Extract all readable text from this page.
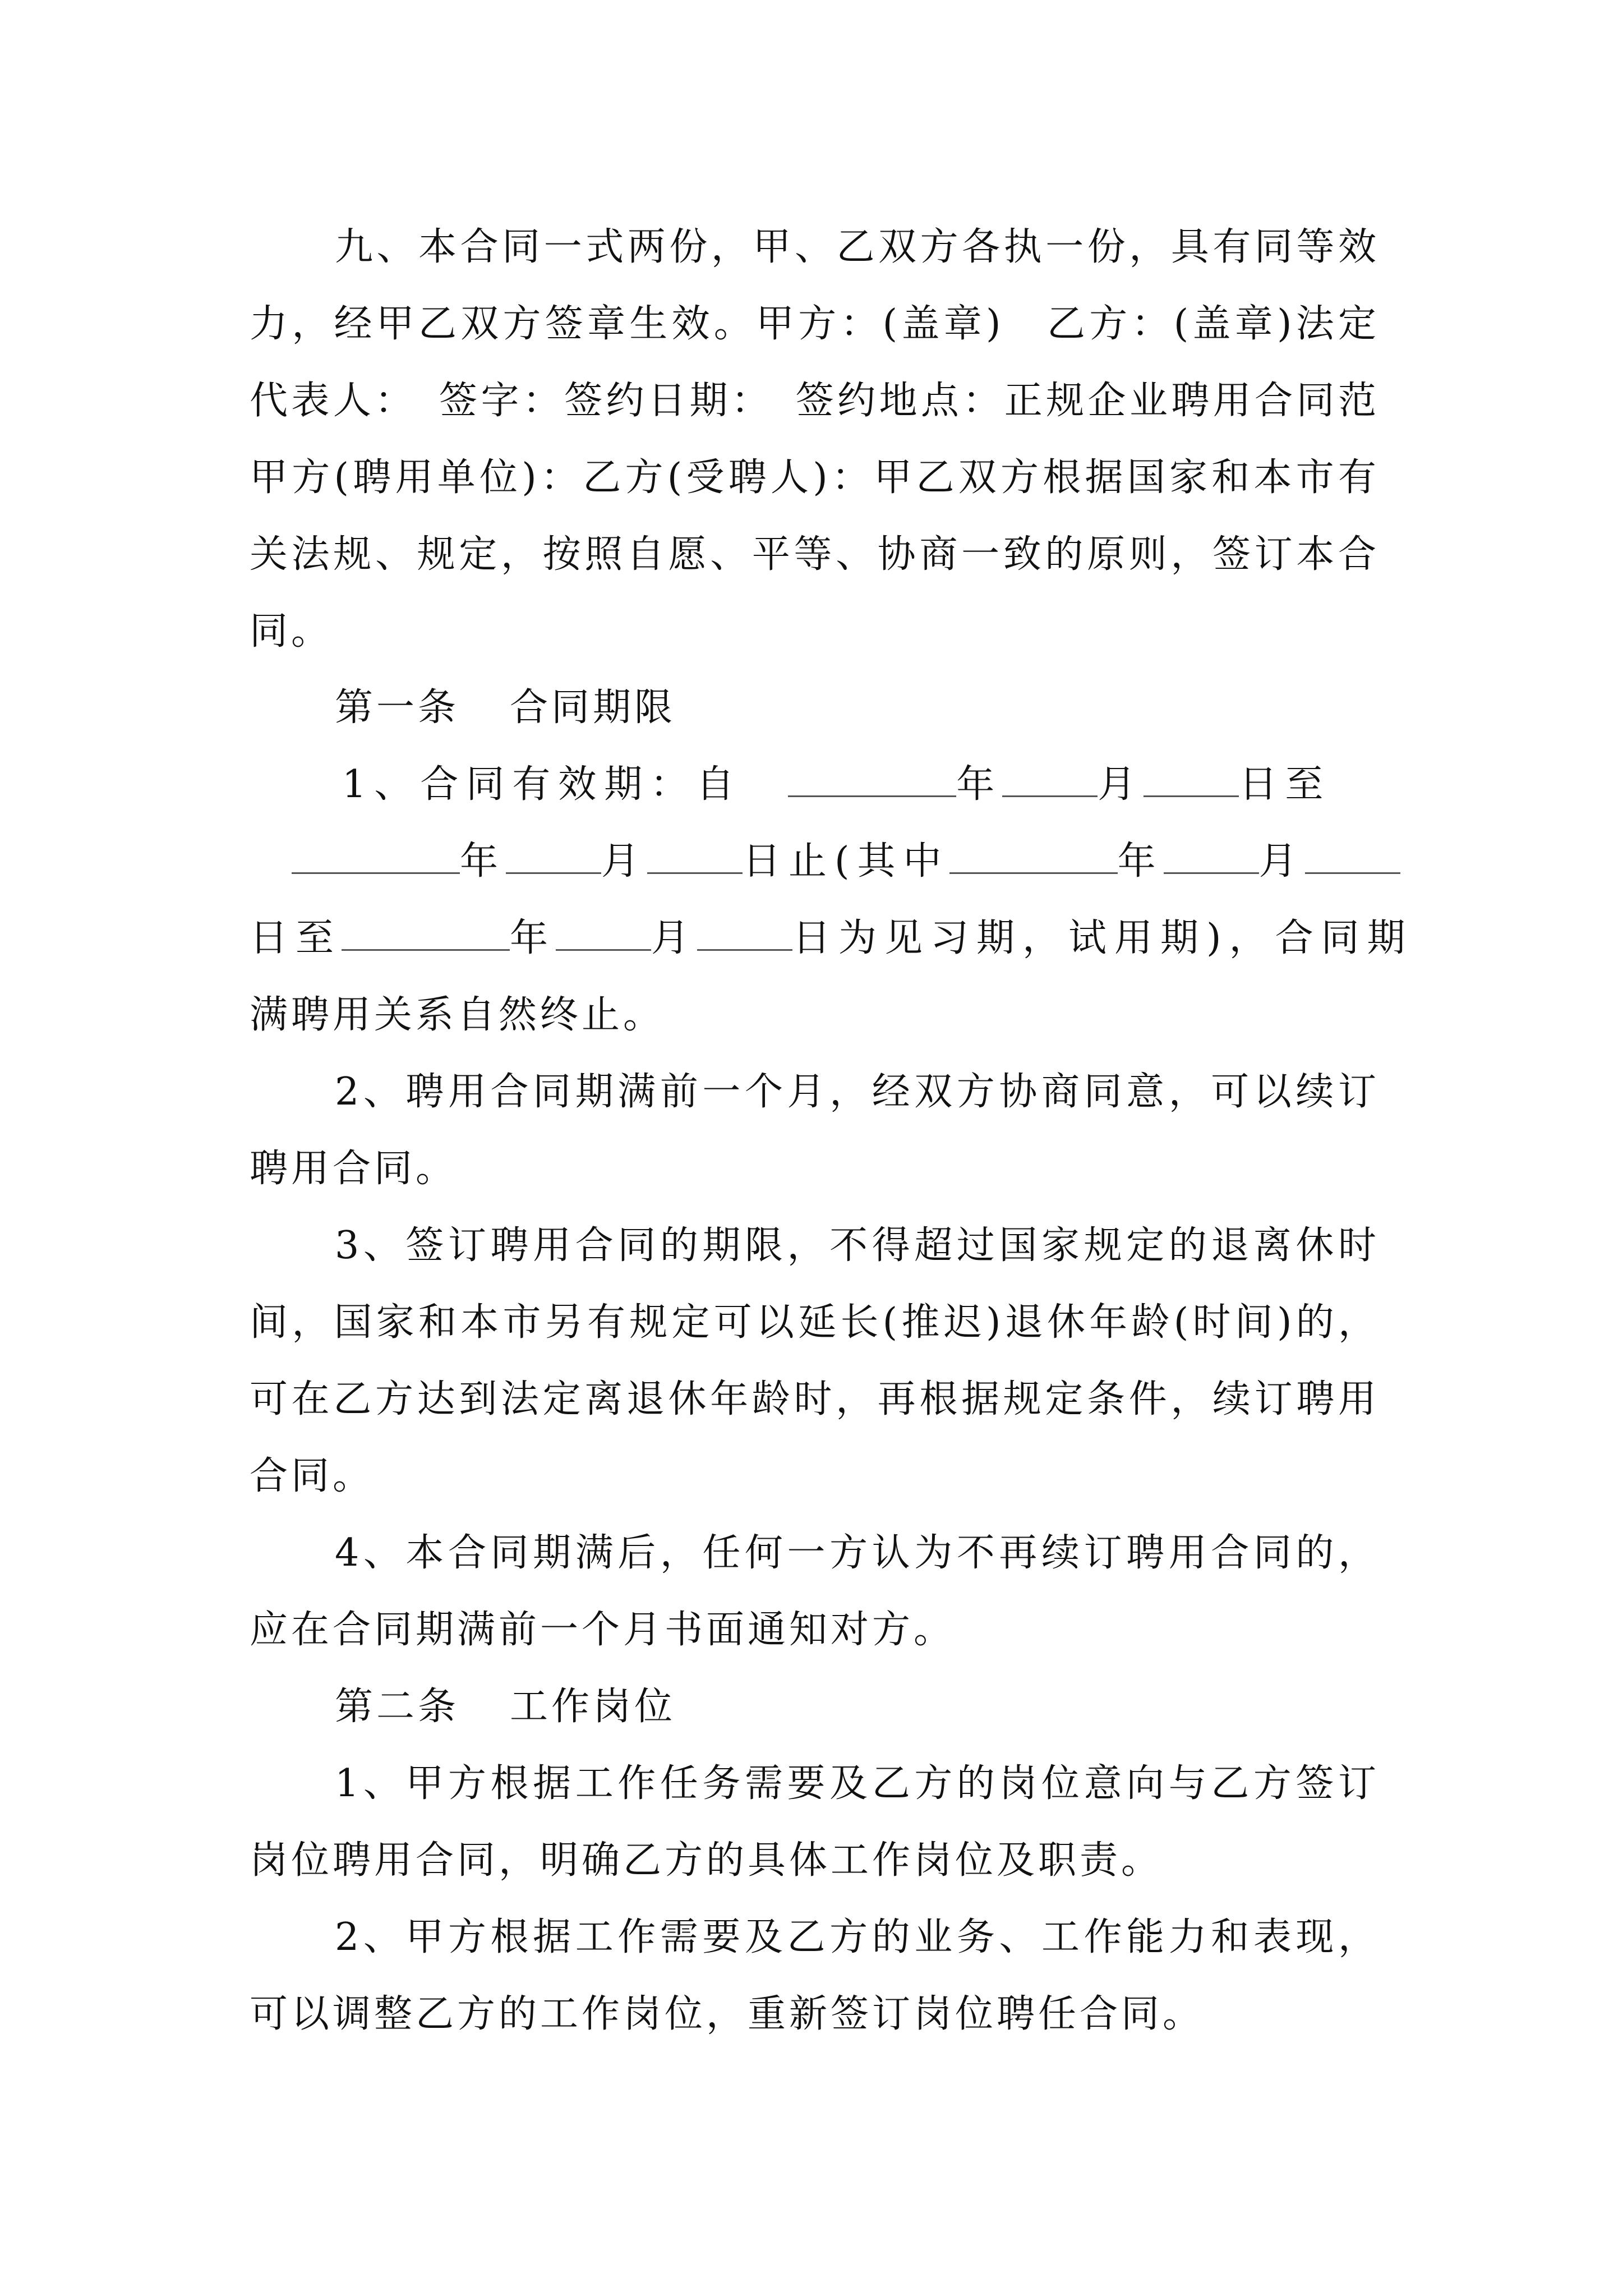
九、本合同一式两份，甲、乙双方各执一份，具有同等效力，经甲乙双方签章生效。甲方：(盖章)　乙方：(盖章)法定代表人：　签字：签约日期：　签约地点：正规企业聘用合同范甲方(聘用单位)：乙方(受聘人)：甲乙双方根据国家和本市有关法规、规定，按照自愿、平等、协商一致的原则，签订本合同。
第一条 合同期限
1、合同有效期：自　	年	月	日至
年	月	日止(其中	年	月
日至	年	月	日为见习期，试用期)，合同期
满聘用关系自然终止。
2、聘用合同期满前一个月，经双方协商同意，可以续订聘用合同。
3、签订聘用合同的期限，不得超过国家规定的退离休时间，国家和本市另有规定可以延长(推迟)退休年龄(时间)的，可在乙方达到法定离退休年龄时，再根据规定条件，续订聘用合同。
4、本合同期满后，任何一方认为不再续订聘用合同的，应在合同期满前一个月书面通知对方。
第二条 工作岗位
1、甲方根据工作任务需要及乙方的岗位意向与乙方签订岗位聘用合同，明确乙方的具体工作岗位及职责。
2、甲方根据工作需要及乙方的业务、工作能力和表现，可以调整乙方的工作岗位，重新签订岗位聘任合同。
